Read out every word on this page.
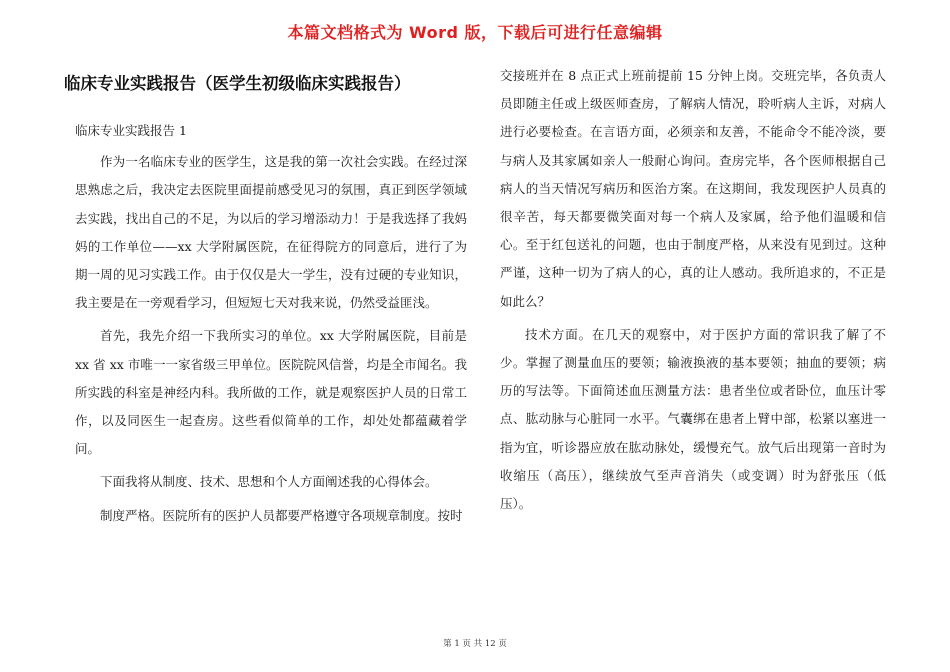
本篇文档格式为 Word 版，下载后可进行任意编辑
临床专业实践报告（医学生初级临床实践报告）

临床专业实践报告 1

作为一名临床专业的医学生，这是我的第一次社会实践。在经过深思熟虑之后，我决定去医院里面提前感受见习的氛围，真正到医学领域去实践，找出自己的不足，为以后的学习增添动力！于是我选择了我妈妈的工作单位——xx 大学附属医院，在征得院方的同意后，进行了为期一周的见习实践工作。由于仅仅是大一学生，没有过硬的专业知识，我主要是在一旁观看学习，但短短七天对我来说，仍然受益匪浅。

首先，我先介绍一下我所实习的单位。xx 大学附属医院，目前是 xx 省 xx 市唯一一家省级三甲单位。医院院风信誉，均是全市闻名。我所实践的科室是神经内科。我所做的工作，就是观察医护人员的日常工作，以及同医生一起查房。这些看似简单的工作，却处处都蕴藏着学问。

下面我将从制度、技术、思想和个人方面阐述我的心得体会。

制度严格。医院所有的医护人员都要严格遵守各项规章制度。按时

交接班并在 8 点正式上班前提前 15 分钟上岗。交班完毕，各负责人员即随主任或上级医师查房，了解病人情况，聆听病人主诉，对病人进行必要检查。在言语方面，必须亲和友善，不能命令不能冷淡，要与病人及其家属如亲人一般耐心询问。查房完毕，各个医师根据自己病人的当天情况写病历和医治方案。在这期间，我发现医护人员真的很辛苦，每天都要微笑面对每一个病人及家属，给予他们温暖和信心。至于红包送礼的问题，也由于制度严格，从来没有见到过。这种严谨，这种一切为了病人的心，真的让人感动。我所追求的，不正是如此么？

技术方面。在几天的观察中，对于医护方面的常识我了解了不少。掌握了测量血压的要领；输液换液的基本要领；抽血的要领；病历的写法等。下面简述血压测量方法：患者坐位或者卧位，血压计零点、肱动脉与心脏同一水平。气囊绑在患者上臂中部，松紧以塞进一指为宜，听诊器应放在肱动脉处，缓慢充气。放气后出现第一音时为收缩压（高压），继续放气至声音消失（或变调）时为舒张压（低压）。

第 1 页 共 12 页
